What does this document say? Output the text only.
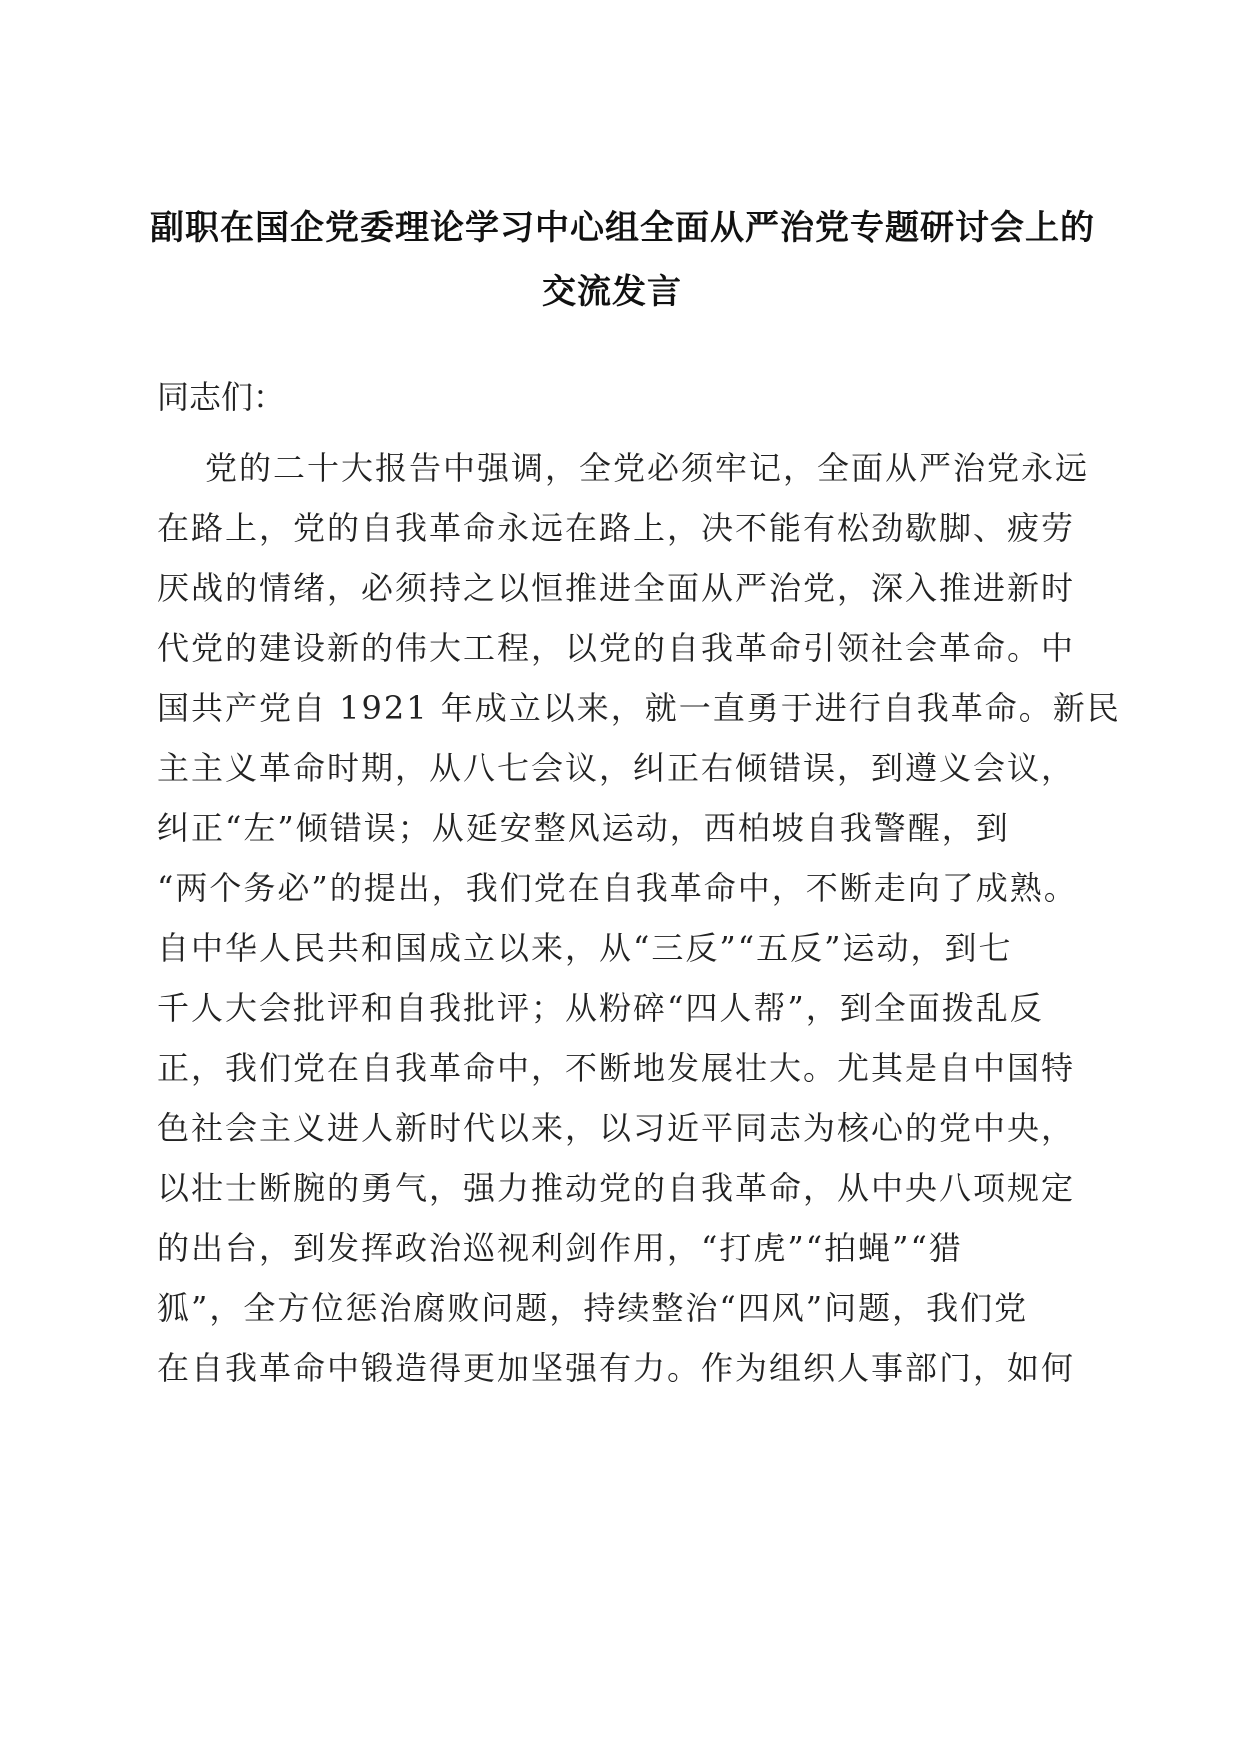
副职在国企党委理论学习中心组全面从严治党专题研讨会上的
交流发言
同志们：
党的二十大报告中强调，全党必须牢记，全面从严治党永远
在路上，党的自我革命永远在路上，决不能有松劲歇脚、疲劳
厌战的情绪，必须持之以恒推进全面从严治党，深入推进新时
代党的建设新的伟大工程，以党的自我革命引领社会革命。中
国共产党自 1921 年成立以来，就一直勇于进行自我革命。新民
主主义革命时期，从八七会议，纠正右倾错误，到遵义会议，
纠正“左”倾错误；从延安整风运动，西柏坡自我警醒，到
“两个务必”的提出，我们党在自我革命中，不断走向了成熟。
自中华人民共和国成立以来，从“三反”“五反”运动，到七
千人大会批评和自我批评；从粉碎“四人帮”，到全面拨乱反
正，我们党在自我革命中，不断地发展壮大。尤其是自中国特
色社会主义进人新时代以来，以习近平同志为核心的党中央，
以壮士断腕的勇气，强力推动党的自我革命，从中央八项规定
的出台，到发挥政治巡视利剑作用，“打虎”“拍蝇”“猎
狐”，全方位惩治腐败问题，持续整治“四风”问题，我们党
在自我革命中锻造得更加坚强有力。作为组织人事部门，如何
